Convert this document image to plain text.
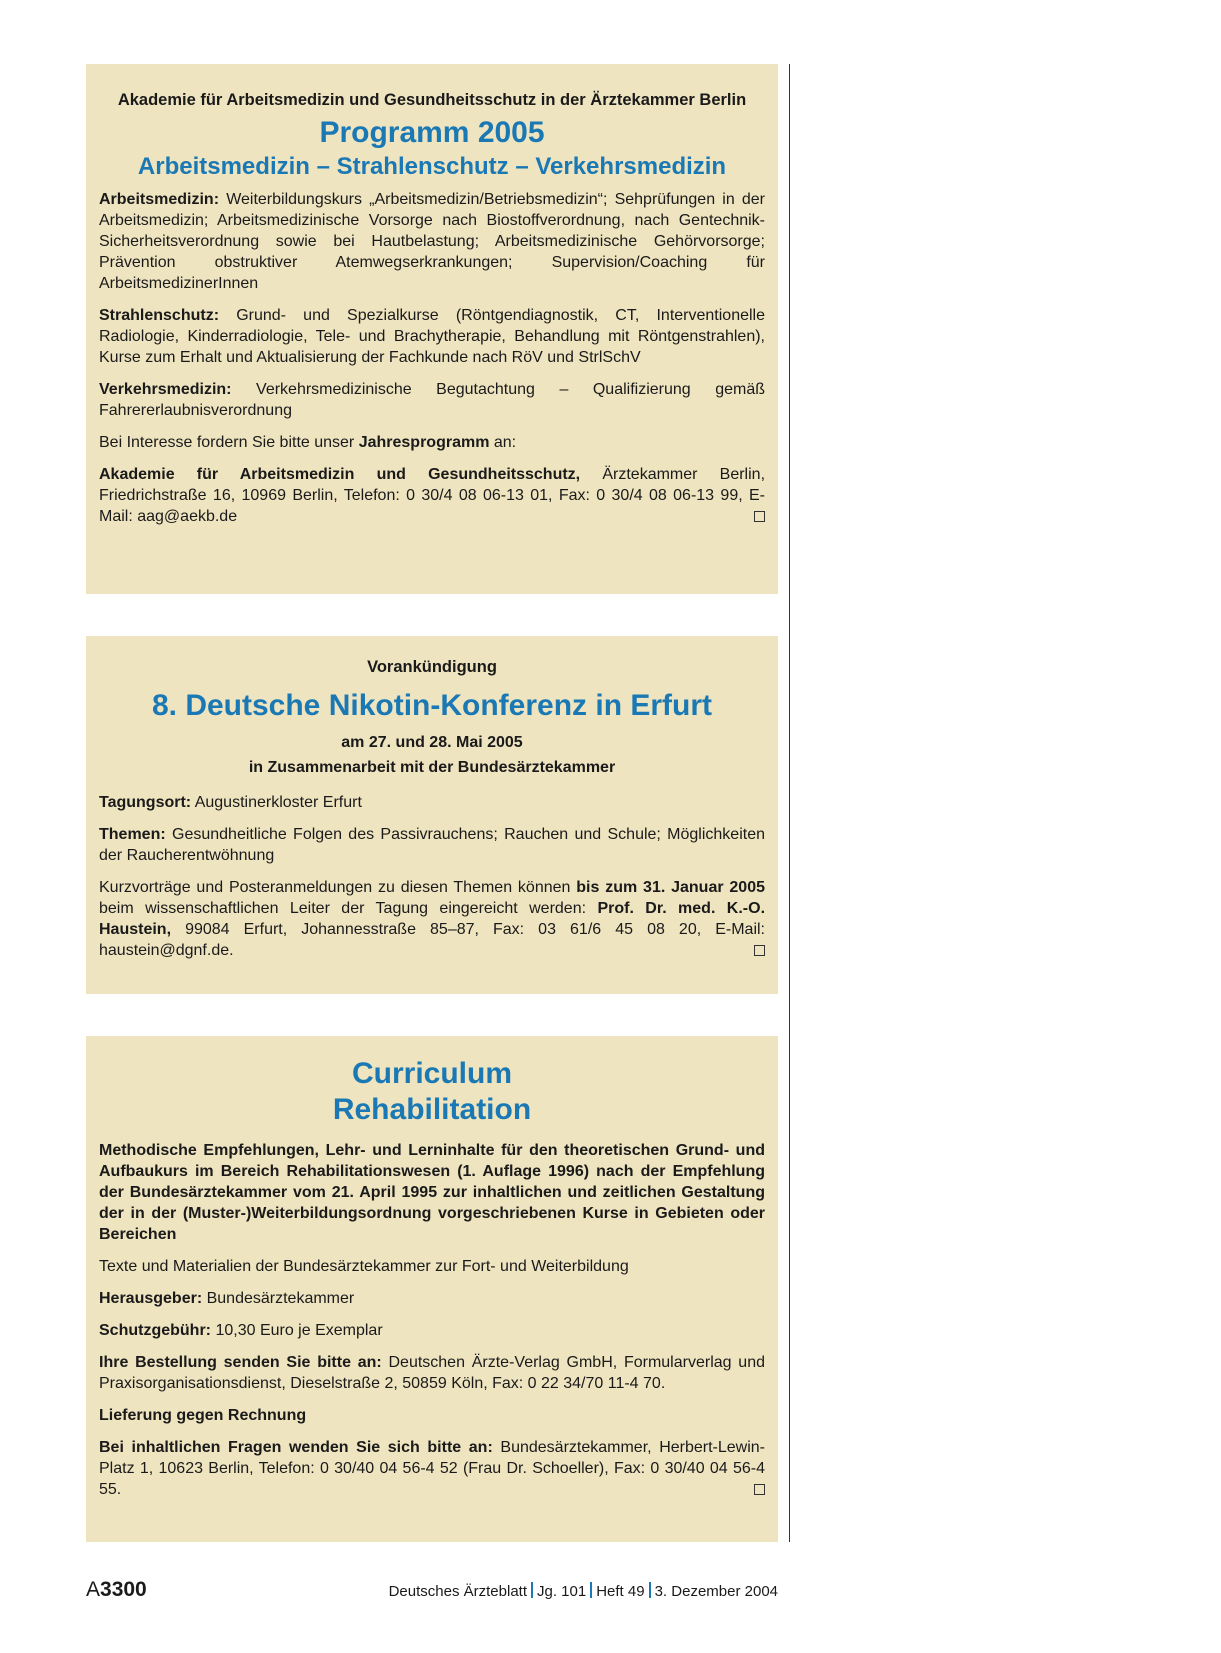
Akademie für Arbeitsmedizin und Gesundheitsschutz in der Ärztekammer Berlin
Programm 2005
Arbeitsmedizin – Strahlenschutz – Verkehrsmedizin

Arbeitsmedizin: Weiterbildungskurs „Arbeitsmedizin/Betriebsmedizin“; Sehprüfungen in der Arbeitsmedizin; Arbeitsmedizinische Vorsorge nach Biostoffverordnung, nach Gentechnik-Sicherheitsverordnung sowie bei Hautbelastung; Arbeitsmedizinische Gehörvorsorge; Prävention obstruktiver Atemwegserkrankungen; Supervision/Coaching für ArbeitsmedizinerInnen

Strahlenschutz: Grund- und Spezialkurse (Röntgendiagnostik, CT, Interventionelle Radiologie, Kinderradiologie, Tele- und Brachytherapie, Behandlung mit Röntgenstrahlen), Kurse zum Erhalt und Aktualisierung der Fachkunde nach RöV und StrlSchV

Verkehrsmedizin: Verkehrsmedizinische Begutachtung – Qualifizierung gemäß Fahrererlaubnisverordnung

Bei Interesse fordern Sie bitte unser Jahresprogramm an:

Akademie für Arbeitsmedizin und Gesundheitsschutz, Ärztekammer Berlin, Friedrichstraße 16, 10969 Berlin, Telefon: 0 30/4 08 06-13 01, Fax: 0 30/4 08 06-13 99, E-Mail: aag@aekb.de

Vorankündigung
8. Deutsche Nikotin-Konferenz in Erfurt
am 27. und 28. Mai 2005
in Zusammenarbeit mit der Bundesärztekammer

Tagungsort: Augustinerkloster Erfurt

Themen: Gesundheitliche Folgen des Passivrauchens; Rauchen und Schule; Möglichkeiten der Raucherentwöhnung

Kurzvorträge und Posteranmeldungen zu diesen Themen können bis zum 31. Januar 2005 beim wissenschaftlichen Leiter der Tagung eingereicht werden: Prof. Dr. med. K.-O. Haustein, 99084 Erfurt, Johannesstraße 85–87, Fax: 03 61/6 45 08 20, E-Mail: haustein@dgnf.de.

Curriculum
Rehabilitation

Methodische Empfehlungen, Lehr- und Lerninhalte für den theoretischen Grund- und Aufbaukurs im Bereich Rehabilitationswesen (1. Auflage 1996) nach der Empfehlung der Bundesärztekammer vom 21. April 1995 zur inhaltlichen und zeitlichen Gestaltung der in der (Muster-)Weiterbildungsordnung vorgeschriebenen Kurse in Gebieten oder Bereichen

Texte und Materialien der Bundesärztekammer zur Fort- und Weiterbildung

Herausgeber: Bundesärztekammer

Schutzgebühr: 10,30 Euro je Exemplar

Ihre Bestellung senden Sie bitte an: Deutschen Ärzte-Verlag GmbH, Formularverlag und Praxisorganisationsdienst, Dieselstraße 2, 50859 Köln, Fax: 0 22 34/70 11-4 70.

Lieferung gegen Rechnung

Bei inhaltlichen Fragen wenden Sie sich bitte an: Bundesärztekammer, Herbert-Lewin-Platz 1, 10623 Berlin, Telefon: 0 30/40 04 56-4 52 (Frau Dr. Schoeller), Fax: 0 30/40 04 56-4 55.

A3300	Deutsches Ärzteblatt Jg. 101 Heft 49 3. Dezember 2004
